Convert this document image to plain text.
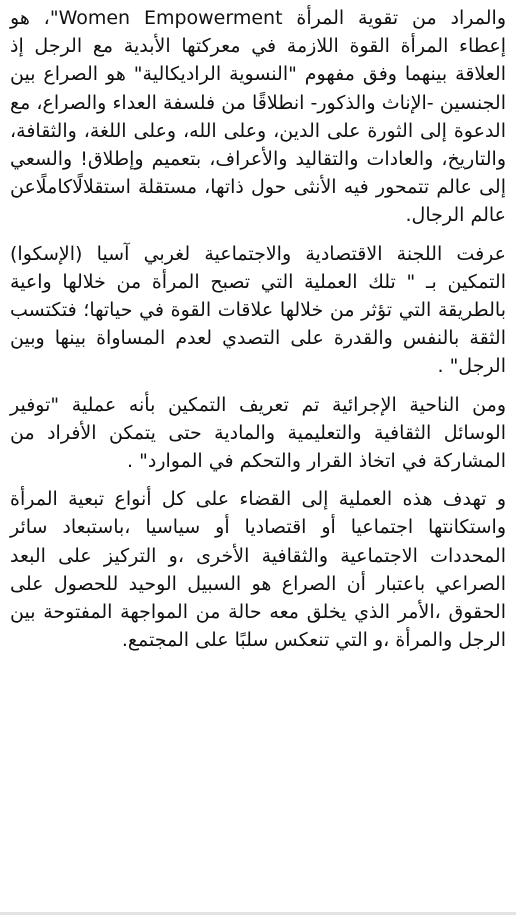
والمراد من تقوية المرأة Women Empowerment"، هو إعطاء المرأة القوة اللازمة في معركتها الأبدية مع الرجل إذ العلاقة بينهما وفق مفهوم "النسوية الراديكالية" هو الصراع بين الجنسين -الإناث والذكور- انطلاقًا من فلسفة العداء والصراع، مع الدعوة إلى الثورة على الدين، وعلى الله، وعلى اللغة، والثقافة، والتاريخ، والعادات والتقاليد والأعراف، بتعميم وإطلاق! والسعي إلى عالم تتمحور فيه الأنثى حول ذاتها، مستقلة استقلالًاكاملًاعن عالم الرجال.

عرفت اللجنة الاقتصادية والاجتماعية لغربي آسيا (الإسكوا) التمكين بـ " تلك العملية التي تصبح المرأة من خلالها واعية بالطريقة التي تؤثر من خلالها علاقات القوة في حياتها؛ فتكتسب الثقة بالنفس والقدرة على التصدي لعدم المساواة بينها وبين الرجل" .

ومن الناحية الإجرائية تم تعريف التمكين بأنه عملية "توفير الوسائل الثقافية والتعليمية والمادية حتى يتمكن الأفراد من المشاركة في اتخاذ القرار والتحكم في الموارد" .

و تهدف هذه العملية إلى القضاء على كل أنواع تبعية المرأة واستكانتها اجتماعيا أو اقتصاديا أو سياسيا ،باستبعاد سائر المحددات الاجتماعية والثقافية الأخرى ،و التركيز على البعد الصراعي باعتبار أن الصراع هو السبيل الوحيد للحصول على الحقوق ،الأمر الذي يخلق معه حالة من المواجهة المفتوحة بين الرجل والمرأة ،و التي تنعكس سلبًا على المجتمع.
